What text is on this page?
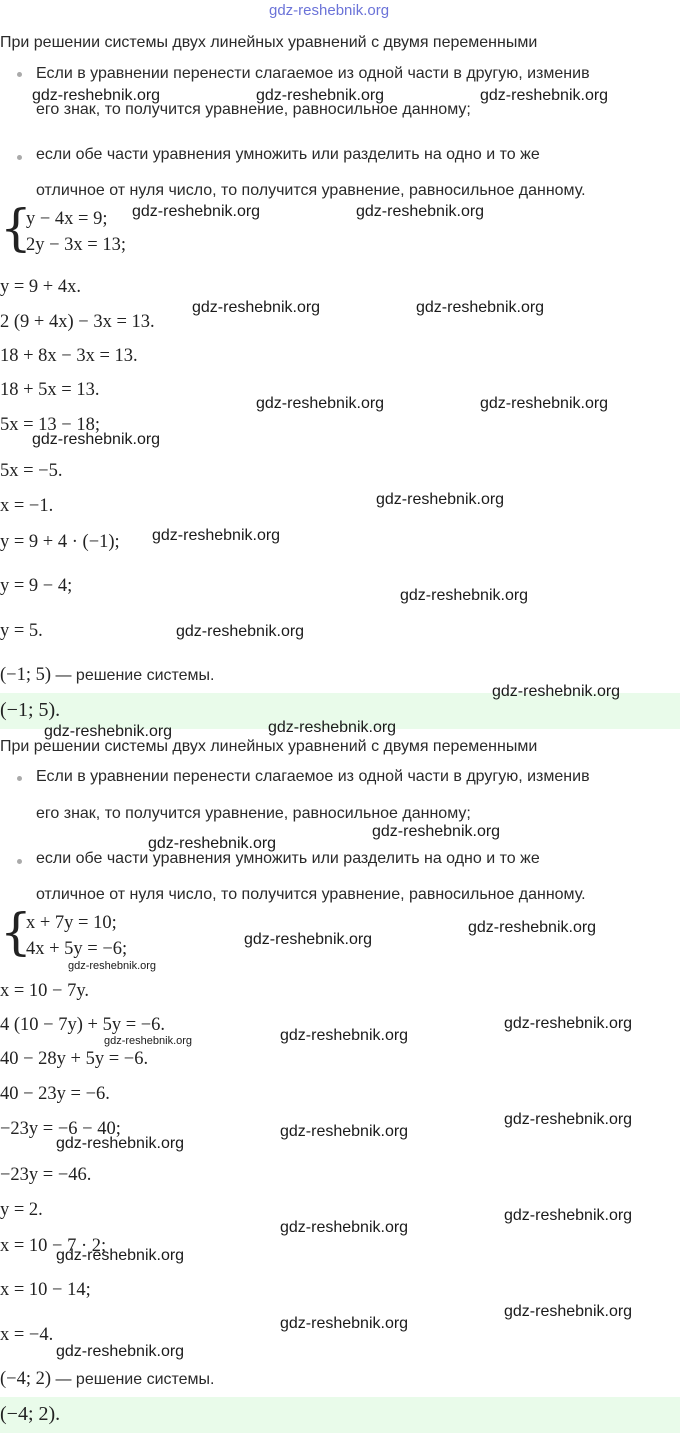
gdz-reshebnik.org
При решении системы двух линейных уравнений с двумя переменными
Если в уравнении перенести слагаемое из одной части в другую, изменив
его знак, то получится уравнение, равносильное данному;
если обе части уравнения умножить или разделить на одно и то же
отличное от нуля число, то получится уравнение, равносильное данному.
{
y − 4x = 9;
2y − 3x = 13;
y = 9 + 4x.
2 (9 + 4x) − 3x = 13.
18 + 8x − 3x = 13.
18 + 5x = 13.
5x = 13 − 18;
5x = −5.
x = −1.
y = 9 + 4 · (−1);
y = 9 − 4;
y = 5.
(−1; 5) — решение системы.
(−1; 5).
При решении системы двух линейных уравнений с двумя переменными
Если в уравнении перенести слагаемое из одной части в другую, изменив
его знак, то получится уравнение, равносильное данному;
если обе части уравнения умножить или разделить на одно и то же
отличное от нуля число, то получится уравнение, равносильное данному.
{
x + 7y = 10;
4x + 5y = −6;
x = 10 − 7y.
4 (10 − 7y) + 5y = −6.
40 − 28y + 5y = −6.
40 − 23y = −6.
−23y = −6 − 40;
−23y = −46.
y = 2.
x = 10 − 7 · 2;
x = 10 − 14;
x = −4.
(−4; 2) — решение системы.
(−4; 2).
gdz-reshebnik.org	gdz-reshebnik.org	gdz-reshebnik.org
gdz-reshebnik.org	gdz-reshebnik.org
gdz-reshebnik.org	gdz-reshebnik.org
gdz-reshebnik.org	gdz-reshebnik.org
gdz-reshebnik.org
gdz-reshebnik.org
gdz-reshebnik.org
gdz-reshebnik.org
gdz-reshebnik.org
gdz-reshebnik.org
gdz-reshebnik.org	gdz-reshebnik.org
gdz-reshebnik.org
gdz-reshebnik.org
gdz-reshebnik.org
gdz-reshebnik.org
gdz-reshebnik.org
gdz-reshebnik.org
gdz-reshebnik.org
gdz-reshebnik.org
gdz-reshebnik.org
gdz-reshebnik.org
gdz-reshebnik.org
gdz-reshebnik.org
gdz-reshebnik.org
gdz-reshebnik.org
gdz-reshebnik.org
gdz-reshebnik.org
gdz-reshebnik.org
